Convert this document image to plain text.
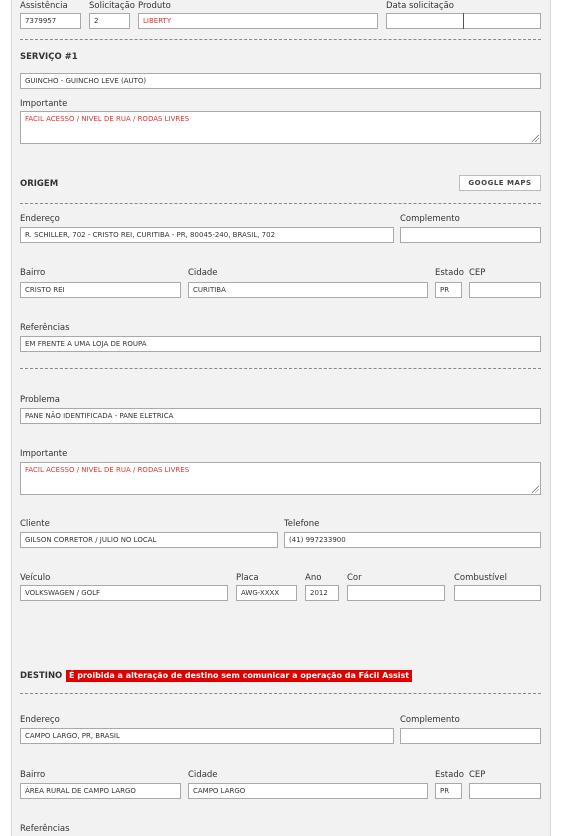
Assistência
7379957
Solicitação
2
Produto
LIBERTY
Data solicitação
SERVIÇO #1
GUINCHO - GUINCHO LEVE (AUTO)
Importante
FACIL ACESSO / NIVEL DE RUA / RODAS LIVRES
ORIGEM	GOOGLE MAPS
Endereço
R. SCHILLER, 702 - CRISTO REI, CURITIBA - PR, 80045-240, BRASIL, 702
Complemento
Bairro
CRISTO REI
Cidade
CURITIBA
Estado
PR
CEP
Referências
EM FRENTE A UMA LOJA DE ROUPA
Problema
PANE NÃO IDENTIFICADA - PANE ELETRICA
Importante
FACIL ACESSO / NIVEL DE RUA / RODAS LIVRES
Cliente
GILSON CORRETOR / JULIO NO LOCAL
Telefone
(41) 997233900
Veículo
VOLKSWAGEN / GOLF
Placa
AWG-XXXX
Ano
2012
Cor	Combustível
DESTINO É proibida a alteração de destino sem comunicar a operação da Fácil Assist
Endereço
CAMPO LARGO, PR, BRASIL
Complemento
Bairro
ÁREA RURAL DE CAMPO LARGO
Cidade
CAMPO LARGO
Estado
PR
CEP
Referências
